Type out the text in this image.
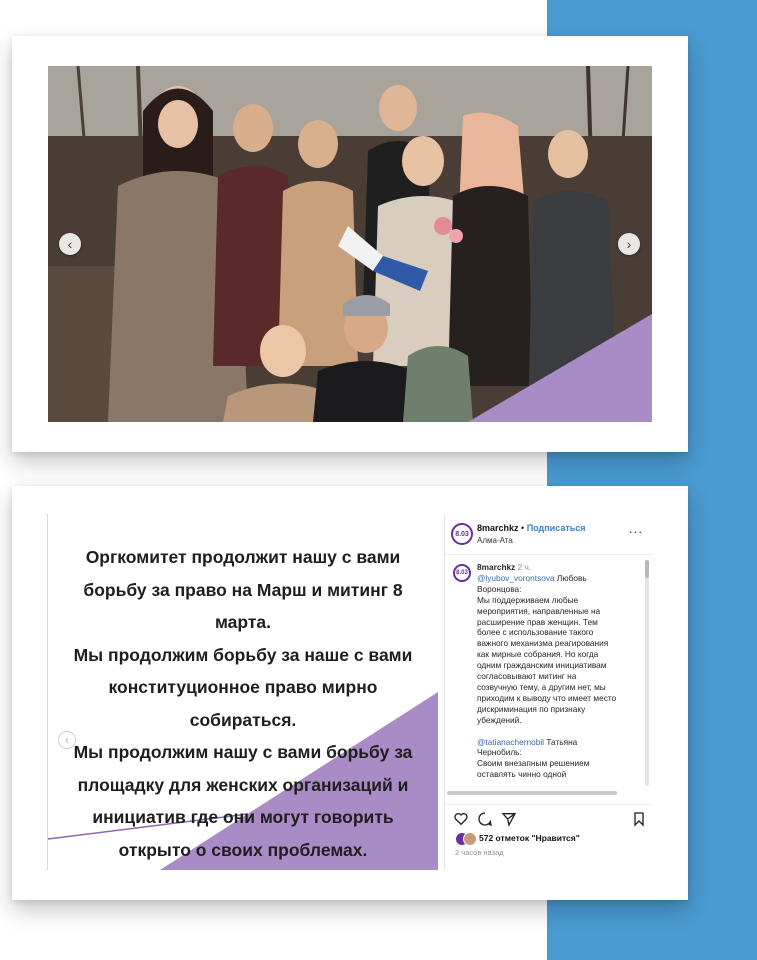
‹	›
Оргкомитет продолжит нашу с вами
борьбу за право на Марш и митинг 8
марта.
Мы продолжим борьбу за наше с вами
конституционное право мирно
собираться.
Мы продолжим нашу с вами борьбу за
площадку для женских организаций и
инициатив где они могут говорить
открыто о своих проблемах.
‹
8.03
8marchkz • Подписаться
Алма-Ата
···
8.03
8marchkz 2 ч.
@lyubov_vorontsova Любовь
Воронцова:
Мы поддерживаем любые
мероприятия, направленные на
расширение прав женщин. Тем
более с использование такого
важного механизма реагирования
как мирные собрания. Но когда
одним гражданским инициативам
согласовывают митинг на
созвучную тему, а другим нет, мы
приходим к выводу что имеет место
дискриминация по признаку
убеждений.

@tatianachernobil Татьяна
Чернобиль:
Своим внезапным решением
оставлять чинно одной
572 отметок "Нравится"
2 часов назад
